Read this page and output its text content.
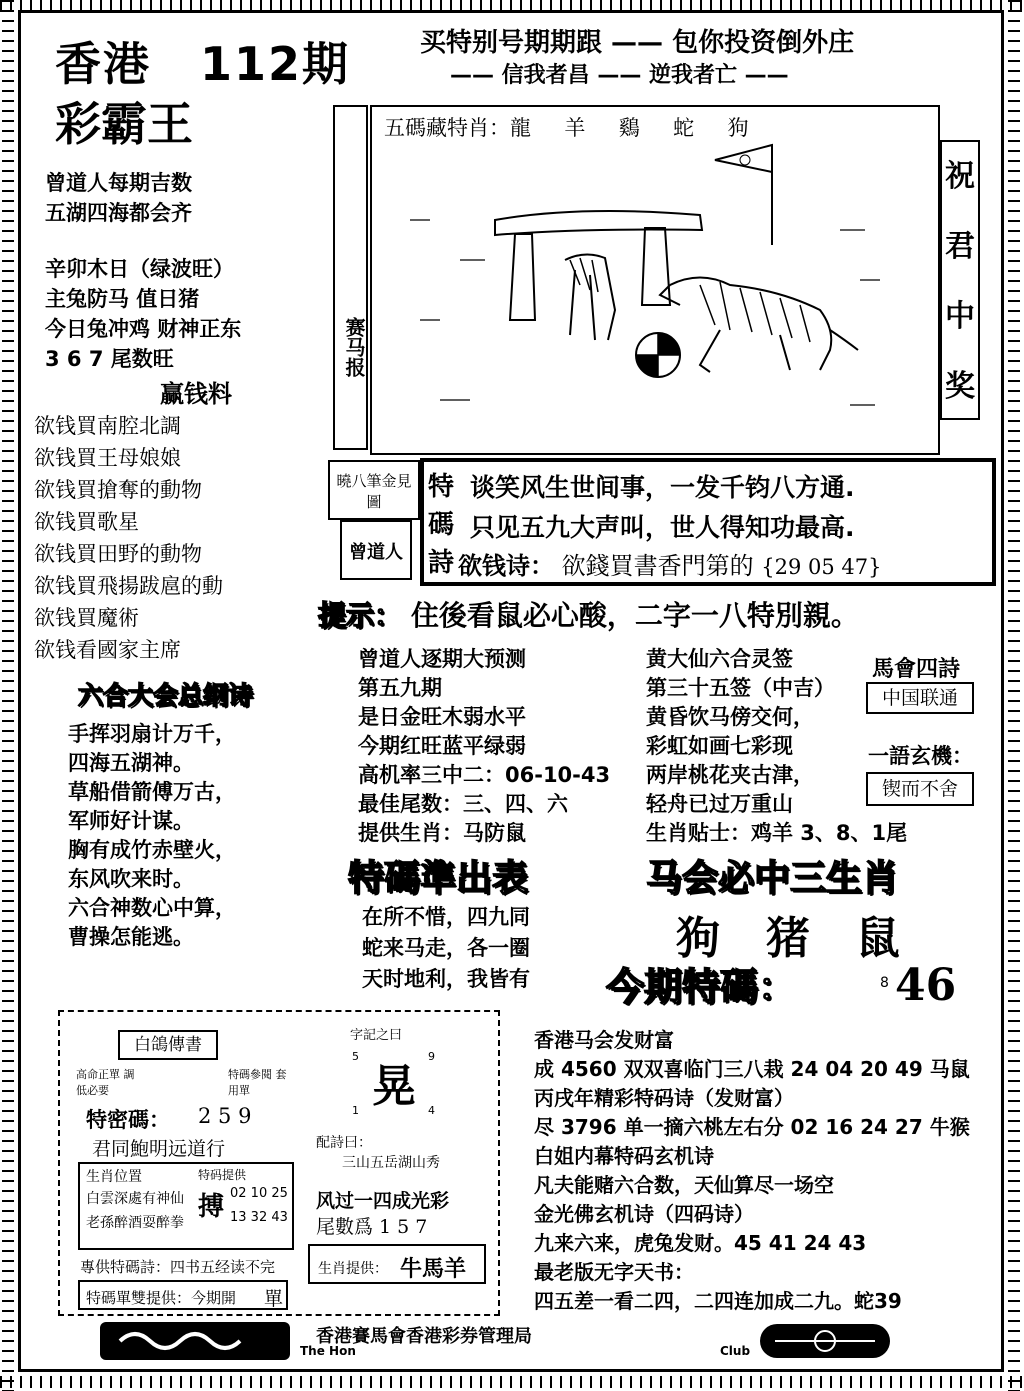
香港 112期
彩霸王
买特别号期期跟 —— 包你投资倒外庄
—— 信我者昌 —— 逆我者亡 ——
曾道人每期吉数
五湖四海都会齐
辛卯木日（绿波旺）
主兔防马 值日猪
今日兔冲鸡 财神正东
3 6 7 尾数旺
赢钱料
欲钱買南腔北調
欲钱買王母娘娘
欲钱買搶奪的動物
欲钱買歌星
欲钱買田野的動物
欲钱買飛揚跋扈的動
欲钱買魔術
欲钱看國家主席
赛马报
五碼藏特肖：龍     羊     鷄     蛇     狗
祝
君
中
奖
曉八筆金見圖
曾道人
特
碼
詩
谈笑风生世间事，一发千钧八方通.
只见五九大声叫，世人得知功最高.
欲钱诗： 欲錢買書香門第的 {29 05 47}
提示： 住後看鼠必心酸，二字一八特別親。
六合大会总纲诗
手挥羽扇计万千，
四海五湖神。
草船借箭傅万古，
军师好计谋。
胸有成竹赤壁火，
东风吹来时。
六合神数心中算，
曹操怎能逃。
曾道人逐期大预测
第五九期
是日金旺木弱水平
今期红旺蓝平绿弱
高机率三中二：06-10-43
最佳尾数：三、四、六
提供生肖：马防鼠
黄大仙六合灵签
第三十五签（中吉）
黄昏饮马傍交何，
彩虹如画七彩现
两岸桃花夹古津，
轻舟已过万重山
生肖贴士：鸡羊 3、8、1尾
馬會四詩
中国联通
一語玄機：
锲而不舍
特碼準出表
在所不惜，四九同
蛇来马走，各一圈
天时地利，我皆有
马会必中三生肖
狗   猪   鼠
今期特碼：	8 46
白鴿傳書
高命正單 調低必要
特碼參閱 套用單
特密碼： 2 5 9
君同鮑明远道行
生肖位置
白雲深處有神仙
老孫醉酒耍醉拳
特码提供
搏 02 10 25
13 32 43
專供特碼詩：四书五经读不完
特碼單雙提供：今期開 單
字記之曰
晃
5	9
1	4
配詩曰：
三山五岳湖山秀
风过一四成光彩
尾數爲 1 5 7
生肖提供： 牛馬羊
香港马会发财富
成 4560 双双喜临门三八栽 24 04 20 49 马鼠
丙戌年精彩特码诗（发财富）
尽 3796 单一摘六桃左右分 02 16 24 27 牛猴
白姐内幕特码玄机诗
凡夫能赌六合数，天仙算尽一场空
金光佛玄机诗（四码诗）
九来六来，虎兔发财。45 41 24 43
最老版无字天书：
四五差一看二四，二四连加成二九。蛇39
香港賽馬會香港彩券管理局
The Hon	Club
